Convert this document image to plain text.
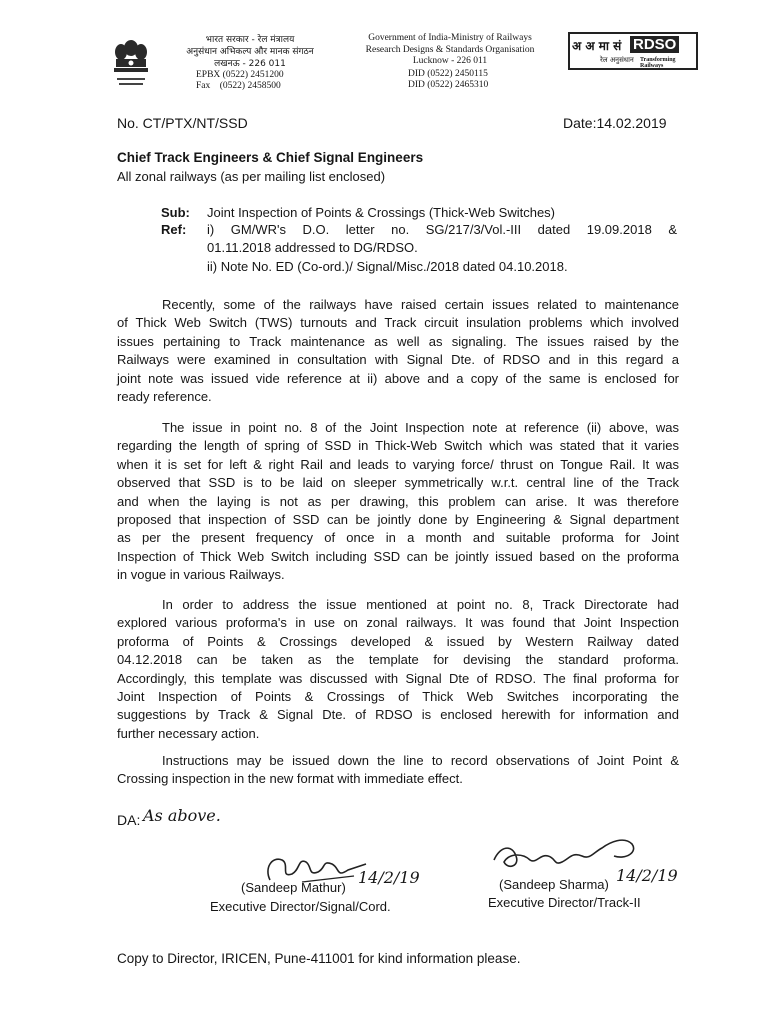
भारत सरकार - रेल मंत्रालय
अनुसंधान अभिकल्प और मानक संगठन
लखनऊ - 226 011
EPBX (0522) 2451200
Fax    (0522) 2458500
Government of India-Ministry of Railways
Research Designs & Standards Organisation
Lucknow - 226 011
DID (0522) 2450115
DID (0522) 2465310
अ अ मा सं RDSO
रेल अनुसंधान Transforming Railways
No. CT/PTX/NT/SSD	Date:14.02.2019
Chief Track Engineers & Chief Signal Engineers
All zonal railways (as per mailing list enclosed)
Sub: Joint Inspection of Points & Crossings (Thick-Web Switches)
Ref: i) GM/WR's D.O. letter no. SG/217/3/Vol.-III dated 19.09.2018 &
01.11.2018 addressed to DG/RDSO.
ii) Note No. ED (Co-ord.)/ Signal/Misc./2018 dated 04.10.2018.
Recently, some of the railways have raised certain issues related to maintenance
of Thick Web Switch (TWS) turnouts and Track circuit insulation problems which involved
issues pertaining to Track maintenance as well as signaling. The issues raised by the
Railways were examined in consultation with Signal Dte. of RDSO and in this regard a
joint note was issued vide reference at ii) above and a copy of the same is enclosed for
ready reference.
The issue in point no. 8 of the Joint Inspection note at reference (ii) above, was
regarding the length of spring of SSD in Thick-Web Switch which was stated that it varies
when it is set for left & right Rail and leads to varying force/ thrust on Tongue Rail. It was
observed that SSD is to be laid on sleeper symmetrically w.r.t. central line of the Track
and when the laying is not as per drawing, this problem can arise. It was therefore
proposed that inspection of SSD can be jointly done by Engineering & Signal department
as per the present frequency of once in a month and suitable proforma for Joint
Inspection of Thick Web Switch including SSD can be jointly issued based on the proforma
in vogue in various Railways.
In order to address the issue mentioned at point no. 8, Track Directorate had
explored various proforma's in use on zonal railways. It was found that Joint Inspection
proforma of Points & Crossings developed & issued by Western Railway dated
04.12.2018 can be taken as the template for devising the standard proforma.
Accordingly, this template was discussed with Signal Dte of RDSO. The final proforma for
Joint Inspection of Points & Crossings of Thick Web Switches incorporating the
suggestions by Track & Signal Dte. of RDSO is enclosed herewith for information and
further necessary action.
Instructions may be issued down the line to record observations of Joint Point &
Crossing inspection in the new format with immediate effect.
DA: As above.
(Sandeep Mathur)
14/2/19
Executive Director/Signal/Cord.
(Sandeep Sharma) 14/2/19
Executive Director/Track-II
Copy to Director, IRICEN, Pune-411001 for kind information please.
